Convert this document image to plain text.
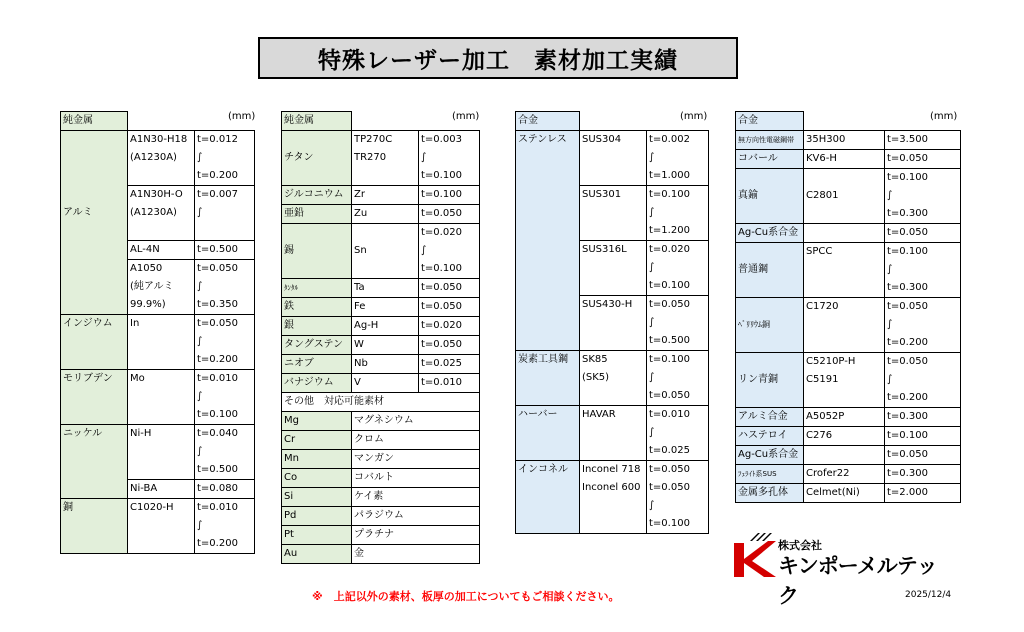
特殊レーザー加工　素材加工実績
(mm)
純金属		
	A1N30-H18	t=0.012
	(A1230A)	∫
		t=0.200
	A1N30H-O	t=0.007
アルミ	(A1230A)	∫

	AL-4N	t=0.500
	A1050	t=0.050
	(純アルミ	∫
	99.9%)	t=0.350
インジウム	In	t=0.050
		∫
		t=0.200
モリブデン	Mo	t=0.010
		∫
		t=0.100
ニッケル	Ni-H	t=0.040
		∫
		t=0.500
	Ni-BA	t=0.080
銅	C1020-H	t=0.010
		∫
		t=0.200
(mm)
純金属		
	TP270C	t=0.003
チタン	TR270	∫
		t=0.100
ジルコニウム	Zr	t=0.100
亜鉛	Zu	t=0.050
		t=0.020
錫	Sn	∫
		t=0.100
ﾀﾝﾀﾙ	Ta	t=0.050
鉄	Fe	t=0.050
銀	Ag-H	t=0.020
タングステン	W	t=0.050
ニオブ	Nb	t=0.025
バナジウム	V	t=0.010
その他　対応可能素材		
Mg	マグネシウム	
Cr	クロム	
Mn	マンガン	
Co	コバルト	
Si	ケイ素	
Pd	パラジウム	
Pt	プラチナ	
Au	金	
(mm)
合金		
ステンレス	SUS304	t=0.002
		∫
		t=1.000
	SUS301	t=0.100
		∫
		t=1.200
	SUS316L	t=0.020
		∫
		t=0.100
	SUS430-H	t=0.050
		∫
		t=0.500
炭素工具鋼	SK85	t=0.100
	(SK5)	∫
		t=0.050
ハーバー	HAVAR	t=0.010
		∫
		t=0.025
インコネル	Inconel 718	t=0.050
	Inconel 600	t=0.050
		∫
		t=0.100
(mm)
合金		
無方向性電磁鋼帯	35H300	t=3.500
コバール	KV6-H	t=0.050
		t=0.100
真鍮	C2801	∫
		t=0.300
Ag-Cu系合金		t=0.050
	SPCC	t=0.100
普通鋼		∫
		t=0.300
	C1720	t=0.050
ﾍﾞﾘﾘｳﾑ銅		∫
		t=0.200
	C5210P-H	t=0.050
リン青銅	C5191	∫
		t=0.200
アルミ合金	A5052P	t=0.300
ハステロイ	C276	t=0.100
Ag-Cu系合金		t=0.050
ﾌｪﾗｲﾄ系SUS	Crofer22	t=0.300
金属多孔体	Celmet(Ni)	t=2.000
株式会社
キンポーメルテック
※　上記以外の素材、板厚の加工についてもご相談ください。	2025/12/4
